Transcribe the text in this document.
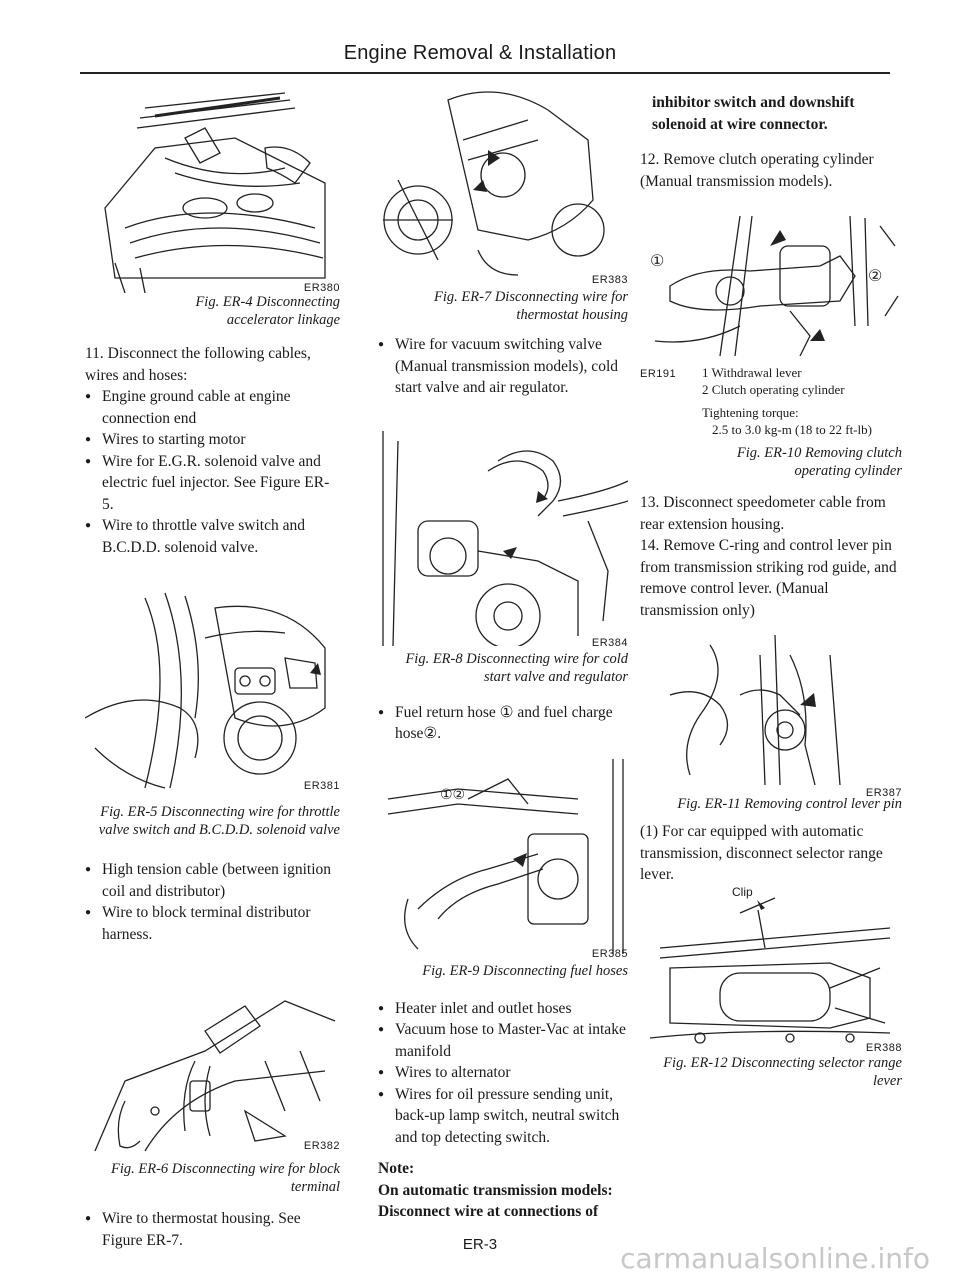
Engine Removal & Installation
ER380
Fig. ER-4 Disconnecting accelerator linkage

11. Disconnect the following cables, wires and hoses:

● Engine ground cable at engine connection end
● Wires to starting motor
● Wire for E.G.R. solenoid valve and electric fuel injector. See Figure ER-5.
● Wire to throttle valve switch and B.C.D.D. solenoid valve.
ER381
Fig. ER-5 Disconnecting wire for throttle valve switch and B.C.D.D. solenoid valve
● High tension cable (between ignition coil and distributor)
● Wire to block terminal distributor harness.
ER382
Fig. ER-6 Disconnecting wire for block terminal
● Wire to thermostat housing. See Figure ER-7.
ER383
Fig. ER-7 Disconnecting wire for thermostat housing
● Wire for vacuum switching valve (Manual transmission models), cold start valve and air regulator.
ER384
Fig. ER-8 Disconnecting wire for cold start valve and regulator
● Fuel return hose ① and fuel charge hose②.
①②
ER385
Fig. ER-9 Disconnecting fuel hoses
● Heater inlet and outlet hoses
● Vacuum hose to Master-Vac at intake manifold
● Wires to alternator
● Wires for oil pressure sending unit, back-up lamp switch, neutral switch and top detecting switch.

Note:

On automatic transmission models: Disconnect wire at connections of

inhibitor switch and downshift solenoid at wire connector.

12. Remove clutch operating cylinder (Manual transmission models).

①
②
ER191	1 Withdrawal lever
2 Clutch operating cylinder
Tightening torque:
2.5 to 3.0 kg-m (18 to 22 ft-lb)
Fig. ER-10 Removing clutch operating cylinder

13. Disconnect speedometer cable from rear extension housing.

14. Remove C-ring and control lever pin from transmission striking rod guide, and remove control lever. (Manual transmission only)

ER387
Fig. ER-11 Removing control lever pin

(1) For car equipped with automatic transmission, disconnect selector range lever.

Clip
ER388
Fig. ER-12 Disconnecting selector range lever
ER-3	carmanualsonline.info
